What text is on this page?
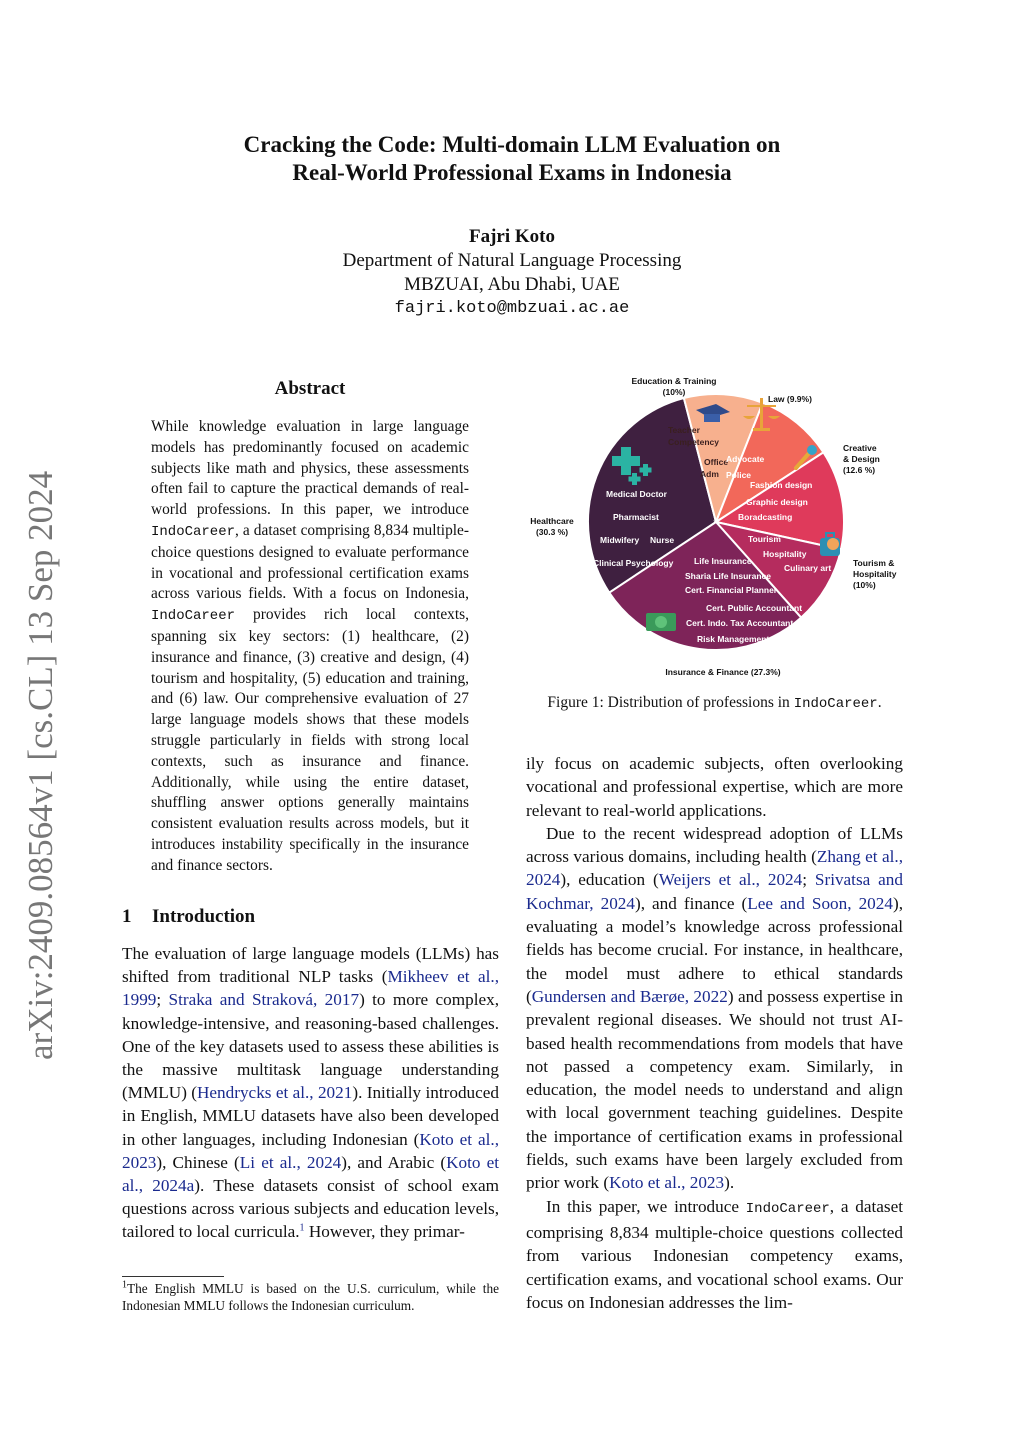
Cracking the Code: Multi-domain LLM Evaluation on
Real-World Professional Exams in Indonesia
Fajri Koto
Department of Natural Language Processing
MBZUAI, Abu Dhabi, UAE
fajri.koto@mbzuai.ac.ae
arXiv:2409.08564v1 [cs.CL] 13 Sep 2024
Abstract

While knowledge evaluation in large language models has predominantly focused on academic subjects like math and physics, these assessments often fail to capture the practical demands of real-world professions. In this paper, we introduce IndoCareer, a dataset comprising 8,834 multiple-choice questions designed to evaluate performance in vocational and professional certification exams across various fields. With a focus on Indonesia, IndoCareer provides rich local contexts, spanning six key sectors: (1) healthcare, (2) insurance and finance, (3) creative and design, (4) tourism and hospitality, (5) education and training, and (6) law. Our comprehensive evaluation of 27 large language models shows that these models struggle particularly in fields with strong local contexts, such as insurance and finance. Additionally, while using the entire dataset, shuffling answer options generally maintains consistent evaluation results across models, but it introduces instability specifically in the insurance and finance sectors.

1 Introduction

The evaluation of large language models (LLMs) has shifted from traditional NLP tasks (Mikheev et al., 1999; Straka and Straková, 2017) to more complex, knowledge-intensive, and reasoning-based challenges. One of the key datasets used to assess these abilities is the massive multitask language understanding (MMLU) (Hendrycks et al., 2021). Initially introduced in English, MMLU datasets have also been developed in other languages, including Indonesian (Koto et al., 2023), Chinese (Li et al., 2024), and Arabic (Koto et al., 2024a). These datasets consist of school exam questions across various subjects and education levels, tailored to local curricula.$^1$ However, they primar-

$^1$The English MMLU is based on the U.S. curriculum, while the Indonesian MMLU follows the Indonesian curriculum.
Healthcare
(30.3 %)
Medical Doctor
Pharmacist
Midwifery Nurse
Clinical Psychology
Education & Training
(10%)
Teacher
Competency
Office
Adm
Law (9.9%)
Advocate
Police
Creative
& Design
(12.6 %)
Fashion design
Graphic design
Boradcasting
Tourism &
Hospitality
(10%)
Tourism
Hospitality
Culinary art
Insurance & Finance (27.3%)
Life Insurance
Sharia Life Insurance
Cert. Financial Planner
Cert. Public Accountant
Cert. Indo. Tax Accountant
Risk Management
CPMA
Figure 1: Distribution of professions in IndoCareer.

ily focus on academic subjects, often overlooking vocational and professional expertise, which are more relevant to real-world applications.

Due to the recent widespread adoption of LLMs across various domains, including health (Zhang et al., 2024), education (Weijers et al., 2024; Srivatsa and Kochmar, 2024), and finance (Lee and Soon, 2024), evaluating a model’s knowledge across professional fields has become crucial. For instance, in healthcare, the model must adhere to ethical standards (Gundersen and Bærøe, 2022) and possess expertise in prevalent regional diseases. We should not trust AI-based health recommendations from models that have not passed a competency exam. Similarly, in education, the model needs to understand and align with local government teaching guidelines. Despite the importance of certification exams in professional fields, such exams have been largely excluded from prior work (Koto et al., 2023).

In this paper, we introduce IndoCareer, a dataset comprising 8,834 multiple-choice questions collected from various Indonesian competency exams, certification exams, and vocational school exams. Our focus on Indonesian addresses the lim-
